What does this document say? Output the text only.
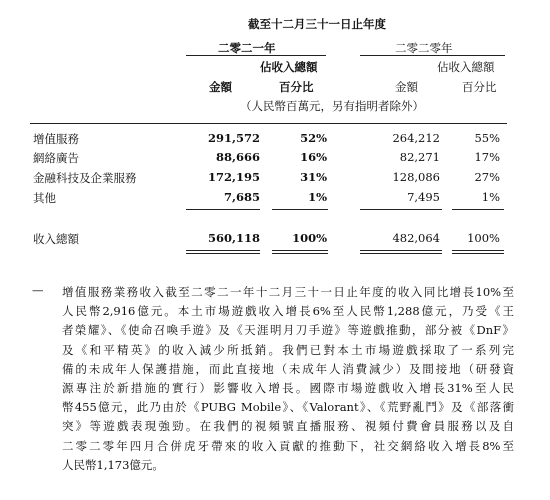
截至十二月三十一日止年度
二零二一年	二零二零年
佔收入總額	佔收入總額
金額	百分比	金額	百分比
（人民幣百萬元，另有指明者除外）
增值服務	291,572	52%	264,212	55%
網絡廣告	88,666	16%	82,271	17%
金融科技及企業服務	172,195	31%	128,086	27%
其他	7,685	1%	7,495	1%
收入總額	560,118	100%	482,064	100%
— 增值服務業務收入截至二零二一年十二月三十一日止年度的收入同比增長10%至
人民幣2,916億元。本土市場遊戲收入增長6%至人民幣1,288億元，乃受《王
者榮耀》、《使命召喚手遊》及《天涯明月刀手遊》等遊戲推動，部分被《DnF》
及《和平精英》的收入減少所抵銷。我們已對本土市場遊戲採取了一系列完
備的未成年人保護措施，而此直接地（未成年人消費減少）及間接地（研發資
源專注於新措施的實行）影響收入增長。國際市場遊戲收入增長31%至人民
幣455億元，此乃由於《PUBG Mobile》、《Valorant》、《荒野亂鬥》及《部落衝
突》等遊戲表現強勁。在我們的視頻號直播服務、視頻付費會員服務以及自
二零二零年四月合併虎牙帶來的收入貢獻的推動下，社交網絡收入增長8%至
人民幣1,173億元。
